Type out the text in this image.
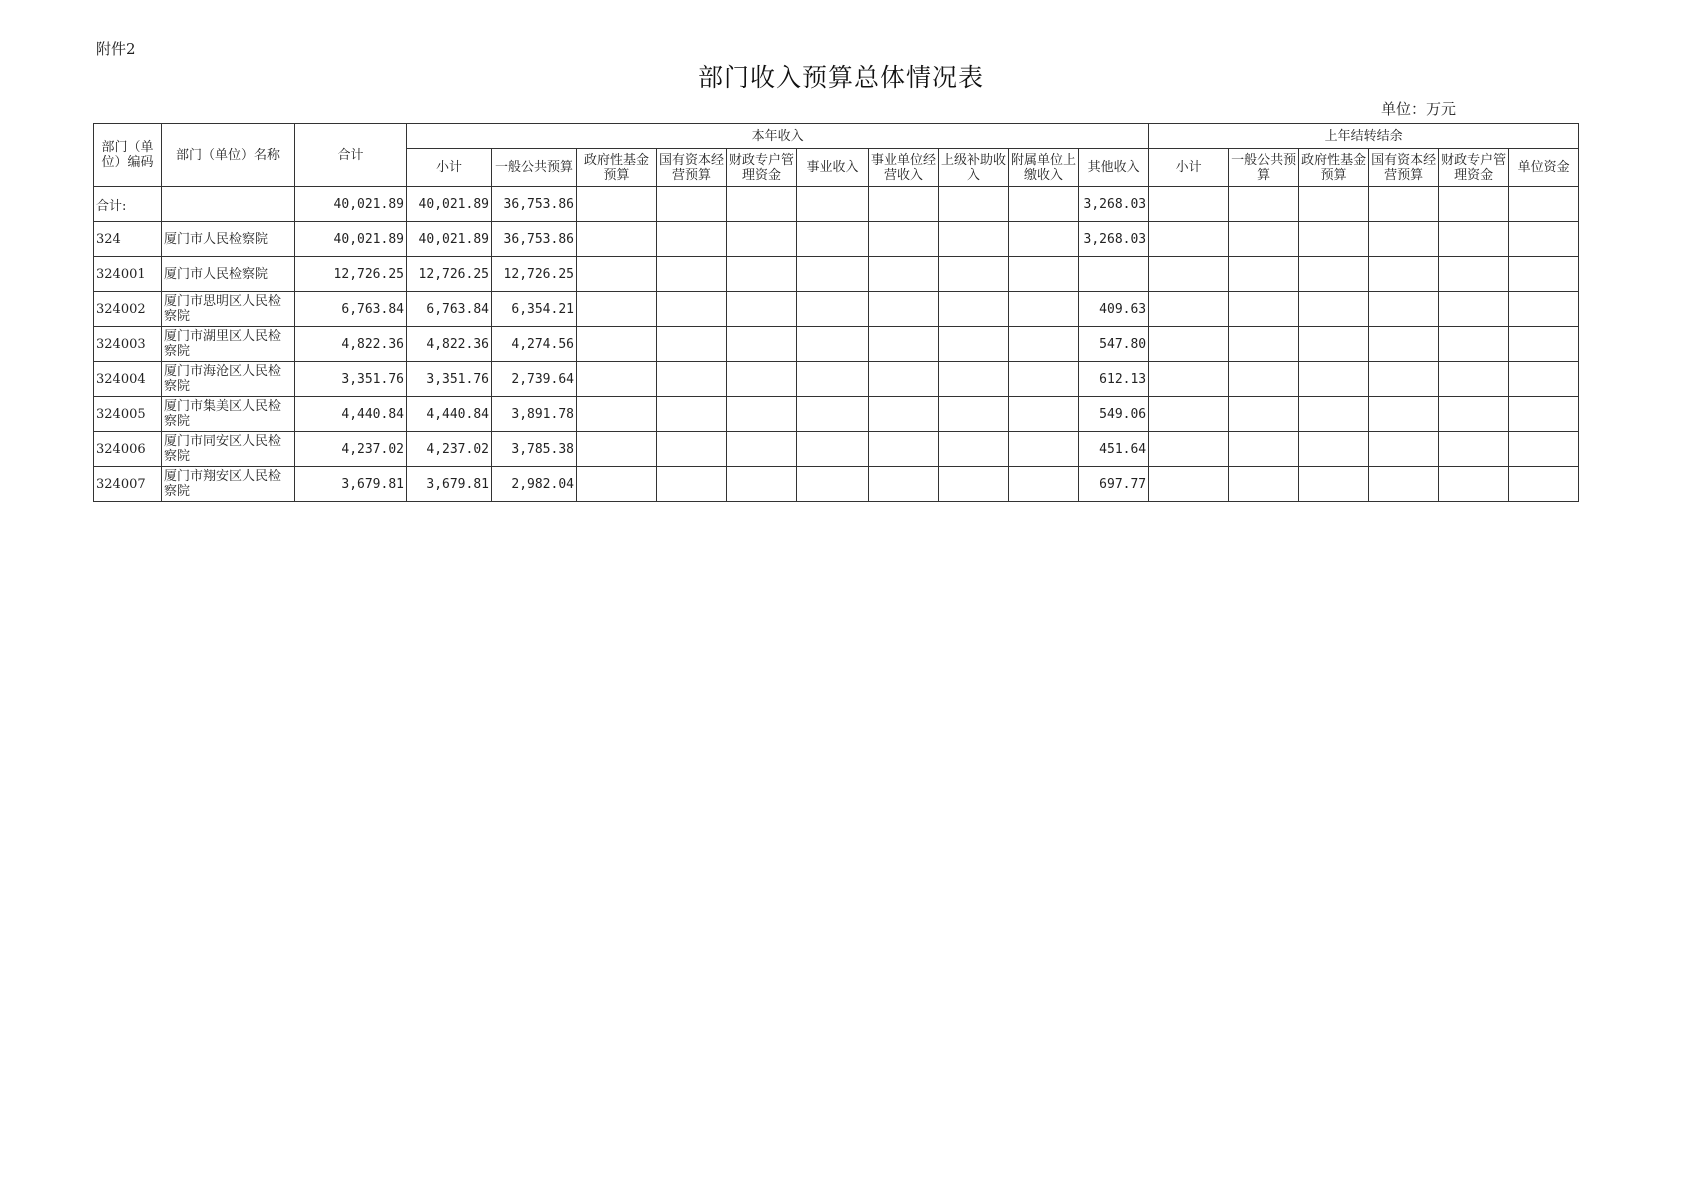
附件2
部门收入预算总体情况表
单位：万元
部门（单位）编码	部门（单位）名称	合计	本年收入										上年结转结余					
			小计	一般公共预算	政府性基金预算	国有资本经营预算	财政专户管理资金	事业收入	事业单位经营收入	上级补助收入	附属单位上缴收入	其他收入	小计	一般公共预算	政府性基金预算	国有资本经营预算	财政专户管理资金	单位资金
合计:		40,021.89	40,021.89	36,753.86								3,268.03						
324	厦门市人民检察院	40,021.89	40,021.89	36,753.86								3,268.03						
324001	厦门市人民检察院	12,726.25	12,726.25	12,726.25														
324002	厦门市思明区人民检察院	6,763.84	6,763.84	6,354.21								409.63						
324003	厦门市湖里区人民检察院	4,822.36	4,822.36	4,274.56								547.80						
324004	厦门市海沧区人民检察院	3,351.76	3,351.76	2,739.64								612.13						
324005	厦门市集美区人民检察院	4,440.84	4,440.84	3,891.78								549.06						
324006	厦门市同安区人民检察院	4,237.02	4,237.02	3,785.38								451.64						
324007	厦门市翔安区人民检察院	3,679.81	3,679.81	2,982.04								697.77						
